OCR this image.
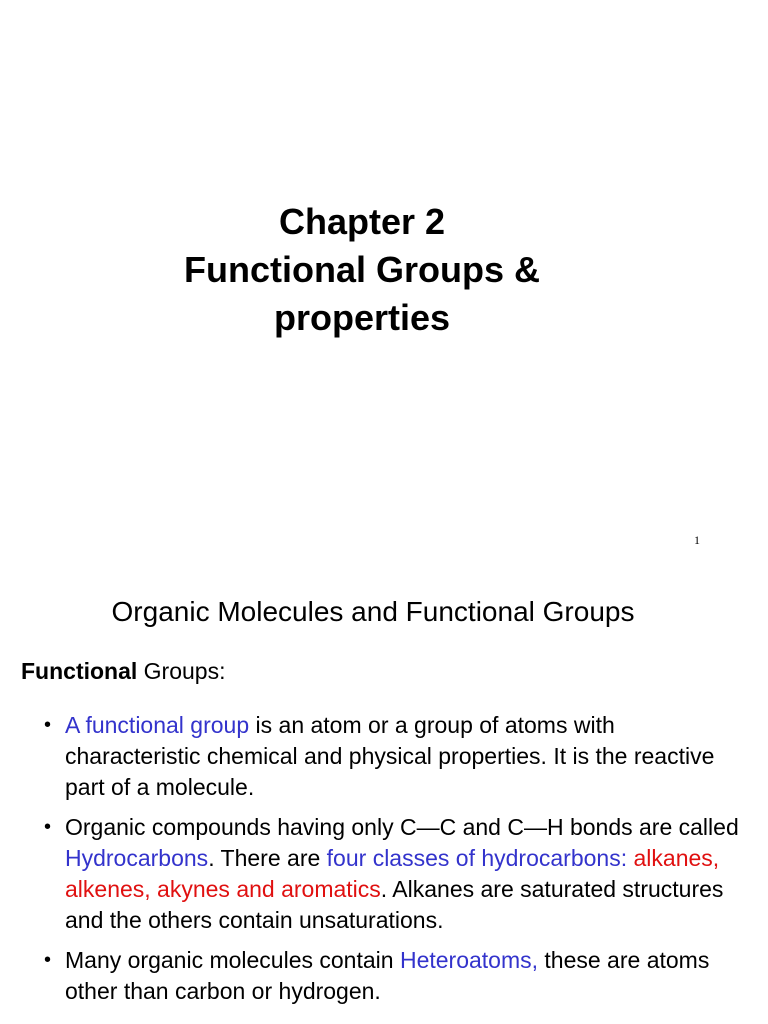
Chapter 2
Functional Groups &
properties
1
Organic Molecules and Functional Groups
Functional Groups:
• A functional group is an atom or a group of atoms with characteristic chemical and physical properties. It is the reactive part of a molecule.
• Organic compounds having only C—C and C—H bonds are called Hydrocarbons. There are four classes of hydrocarbons: alkanes, alkenes, akynes and aromatics. Alkanes are saturated structures and the others contain unsaturations.
• Many organic molecules contain Heteroatoms, these are atoms other than carbon or hydrogen.
